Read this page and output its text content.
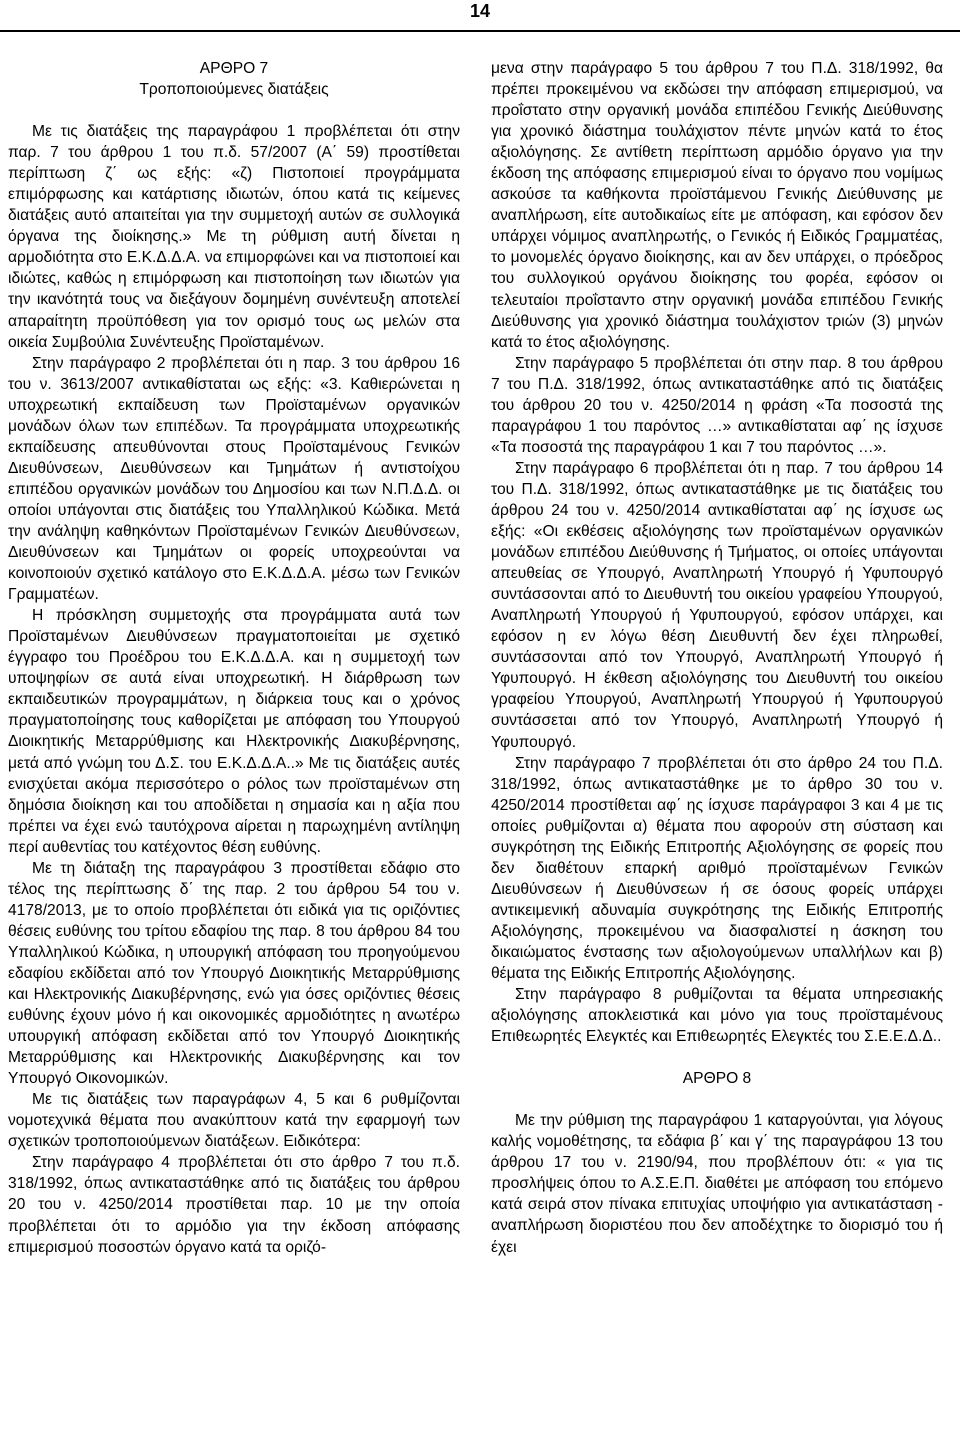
14

ΑΡΘΡΟ 7

Τροποποιούμενες διατάξεις

Με τις διατάξεις της παραγράφου 1 προβλέπεται ότι στην παρ. 7 του άρθρου 1 του π.δ. 57/2007 (Α΄ 59) προστίθεται περίπτωση ζ΄ ως εξής: «ζ) Πιστοποιεί προγράμματα επιμόρφωσης και κατάρτισης ιδιωτών, όπου κατά τις κείμενες διατάξεις αυτό απαιτείται για την συμμετοχή αυτών σε συλλογικά όργανα της διοίκησης.» Με τη ρύθμιση αυτή δίνεται η αρμοδιότητα στο Ε.Κ.Δ.Δ.Α. να επιμορφώνει και να πιστοποιεί και ιδιώτες, καθώς η επιμόρφωση και πιστοποίηση των ιδιωτών για την ικανότητά τους να διεξάγουν δομημένη συνέντευξη αποτελεί απαραίτητη προϋπόθεση για τον ορισμό τους ως μελών στα οικεία Συμβούλια Συνέντευξης Προϊσταμένων.

Στην παράγραφο 2 προβλέπεται ότι η παρ. 3 του άρθρου 16 του ν. 3613/2007 αντικαθίσταται ως εξής: «3. Καθιερώνεται η υποχρεωτική εκπαίδευση των Προϊσταμένων οργανικών μονάδων όλων των επιπέδων. Τα προγράμματα υποχρεωτικής εκπαίδευσης απευθύνονται στους Προϊσταμένους Γενικών Διευθύνσεων, Διευθύνσεων και Τμημάτων ή αντιστοίχου επιπέδου οργανικών μονάδων του Δημοσίου και των Ν.Π.Δ.Δ. οι οποίοι υπάγονται στις διατάξεις του Υπαλληλικού Κώδικα. Μετά την ανάληψη καθηκόντων Προϊσταμένων Γενικών Διευθύνσεων, Διευθύνσεων και Τμημάτων οι φορείς υποχρεούνται να κοινοποιούν σχετικό κατάλογο στο Ε.Κ.Δ.Δ.Α. μέσω των Γενικών Γραμματέων.

Η πρόσκληση συμμετοχής στα προγράμματα αυτά των Προϊσταμένων Διευθύνσεων πραγματοποιείται με σχετικό έγγραφο του Προέδρου του Ε.Κ.Δ.Δ.Α. και η συμμετοχή των υποψηφίων σε αυτά είναι υποχρεωτική. Η διάρθρωση των εκπαιδευτικών προγραμμάτων, η διάρκεια τους και ο χρόνος πραγματοποίησης τους καθορίζεται με απόφαση του Υπουργού Διοικητικής Μεταρρύθμισης και Ηλεκτρονικής Διακυβέρνησης, μετά από γνώμη του Δ.Σ. του Ε.Κ.Δ.Δ.Α..» Με τις διατάξεις αυτές ενισχύεται ακόμα περισσότερο ο ρόλος των προϊσταμένων στη δημόσια διοίκηση και του αποδίδεται η σημασία και η αξία που πρέπει να έχει ενώ ταυτόχρονα αίρεται η παρωχημένη αντίληψη περί αυθεντίας του κατέχοντος θέση ευθύνης.

Με τη διάταξη της παραγράφου 3 προστίθεται εδάφιο στο τέλος της περίπτωσης δ΄ της παρ. 2 του άρθρου 54 του ν. 4178/2013, με το οποίο προβλέπεται ότι ειδικά για τις οριζόντιες θέσεις ευθύνης του τρίτου εδαφίου της παρ. 8 του άρθρου 84 του Υπαλληλικού Κώδικα, η υπουργική απόφαση του προηγούμενου εδαφίου εκδίδεται από τον Υπουργό Διοικητικής Μεταρρύθμισης και Ηλεκτρονικής Διακυβέρνησης, ενώ για όσες οριζόντιες θέσεις ευθύνης έχουν μόνο ή και οικονομικές αρμοδιότητες η ανωτέρω υπουργική απόφαση εκδίδεται από τον Υπουργό Διοικητικής Μεταρρύθμισης και Ηλεκτρονικής Διακυβέρνησης και τον Υπουργό Οικονομικών.

Με τις διατάξεις των παραγράφων 4, 5 και 6 ρυθμίζονται νομοτεχνικά θέματα που ανακύπτουν κατά την εφαρμογή των σχετικών τροποποιούμενων διατάξεων. Ειδικότερα:

Στην παράγραφο 4 προβλέπεται ότι στο άρθρο 7 του π.δ. 318/1992, όπως αντικαταστάθηκε από τις διατάξεις του άρθρου 20 του ν. 4250/2014 προστίθεται παρ. 10 με την οποία προβλέπεται ότι το αρμόδιο για την έκδοση απόφασης επιμερισμού ποσοστών όργανο κατά τα οριζό-

μενα στην παράγραφο 5 του άρθρου 7 του Π.Δ. 318/1992, θα πρέπει προκειμένου να εκδώσει την απόφαση επιμερισμού, να προΐστατο στην οργανική μονάδα επιπέδου Γενικής Διεύθυνσης για χρονικό διάστημα τουλάχιστον πέντε μηνών κατά το έτος αξιολόγησης. Σε αντίθετη περίπτωση αρμόδιο όργανο για την έκδοση της απόφασης επιμερισμού είναι το όργανο που νομίμως ασκούσε τα καθήκοντα προϊστάμενου Γενικής Διεύθυνσης με αναπλήρωση, είτε αυτοδικαίως είτε με απόφαση, και εφόσον δεν υπάρχει νόμιμος αναπληρωτής, ο Γενικός ή Ειδικός Γραμματέας, το μονομελές όργανο διοίκησης, και αν δεν υπάρχει, ο πρόεδρος του συλλογικού οργάνου διοίκησης του φορέα, εφόσον οι τελευταίοι προΐστανто στην οργανική μονάδα επιπέδου Γενικής Διεύθυνσης για χρονικό διάστημα τουλάχιστον τριών (3) μηνών κατά το έτος αξιολόγησης.

Στην παράγραφο 5 προβλέπεται ότι στην παρ. 8 του άρθρου 7 του Π.Δ. 318/1992, όπως αντικαταστάθηκε από τις διατάξεις του άρθρου 20 του ν. 4250/2014 η φράση «Τα ποσοστά της παραγράφου 1 του παρόντος …» αντικαθίσταται αφ΄ ης ίσχυσε «Τα ποσοστά της παραγράφου 1 και 7 του παρόντος …».

Στην παράγραφο 6 προβλέπεται ότι η παρ. 7 του άρθρου 14 του Π.Δ. 318/1992, όπως αντικαταστάθηκε με τις διατάξεις του άρθρου 24 του ν. 4250/2014 αντικαθίσταται αφ΄ ης ίσχυσε ως εξής: «Οι εκθέσεις αξιολόγησης των προϊσταμένων οργανικών μονάδων επιπέδου Διεύθυνσης ή Τμήματος, οι οποίες υπάγονται απευθείας σε Υπουργό, Αναπληρωτή Υπουργό ή Υφυπουργό συντάσσονται από το Διευθυντή του οικείου γραφείου Υπουργού, Αναπληρωτή Υπουργού ή Υφυπουργού, εφόσον υπάρχει, και εφόσον η εν λόγω θέση Διευθυντή δεν έχει πληρωθεί, συντάσσονται από τον Υπουργό, Αναπληρωτή Υπουργό ή Υφυπουργό. Η έκθεση αξιολόγησης του Διευθυντή του οικείου γραφείου Υπουργού, Αναπληρωτή Υπουργού ή Υφυπουργού συντάσσεται από τον Υπουργό, Αναπληρωτή Υπουργό ή Υφυπουργό.

Στην παράγραφο 7 προβλέπεται ότι στο άρθρο 24 του Π.Δ. 318/1992, όπως αντικαταστάθηκε με το άρθρο 30 του ν. 4250/2014 προστίθεται αφ΄ ης ίσχυσε παράγραφοι 3 και 4 με τις οποίες ρυθμίζονται α) θέματα που αφορούν στη σύσταση και συγκρότηση της Ειδικής Επιτροπής Αξιολόγησης σε φορείς που δεν διαθέτουν επαρκή αριθμό προϊσταμένων Γενικών Διευθύνσεων ή Διευθύνσεων ή σε όσους φορείς υπάρχει αντικειμενική αδυναμία συγκρότησης της Ειδικής Επιτροπής Αξιολόγησης, προκειμένου να διασφαλιστεί η άσκηση του δικαιώματος ένστασης των αξιολογούμενων υπαλλήλων και β) θέματα της Ειδικής Επιτροπής Αξιολόγησης.

Στην παράγραφο 8 ρυθμίζονται τα θέματα υπηρεσιακής αξιολόγησης αποκλειστικά και μόνο για τους προϊσταμένους Επιθεωρητές Ελεγκτές και Επιθεωρητές Ελεγκτές του Σ.Ε.Ε.Δ.Δ..

ΑΡΘΡΟ 8

Με την ρύθμιση της παραγράφου 1 καταργούνται, για λόγους καλής νομοθέτησης, τα εδάφια β΄ και γ΄ της παραγράφου 13 του άρθρου 17 του ν. 2190/94, που προβλέπουν ότι: « για τις προσλήψεις όπου το Α.Σ.Ε.Π. διαθέτει με απόφαση του επόμενο κατά σειρά στον πίνακα επιτυχίας υποψήφιο για αντικατάσταση - αναπλήρωση διοριστέου που δεν αποδέχτηκε το διορισμό του ή έχει
